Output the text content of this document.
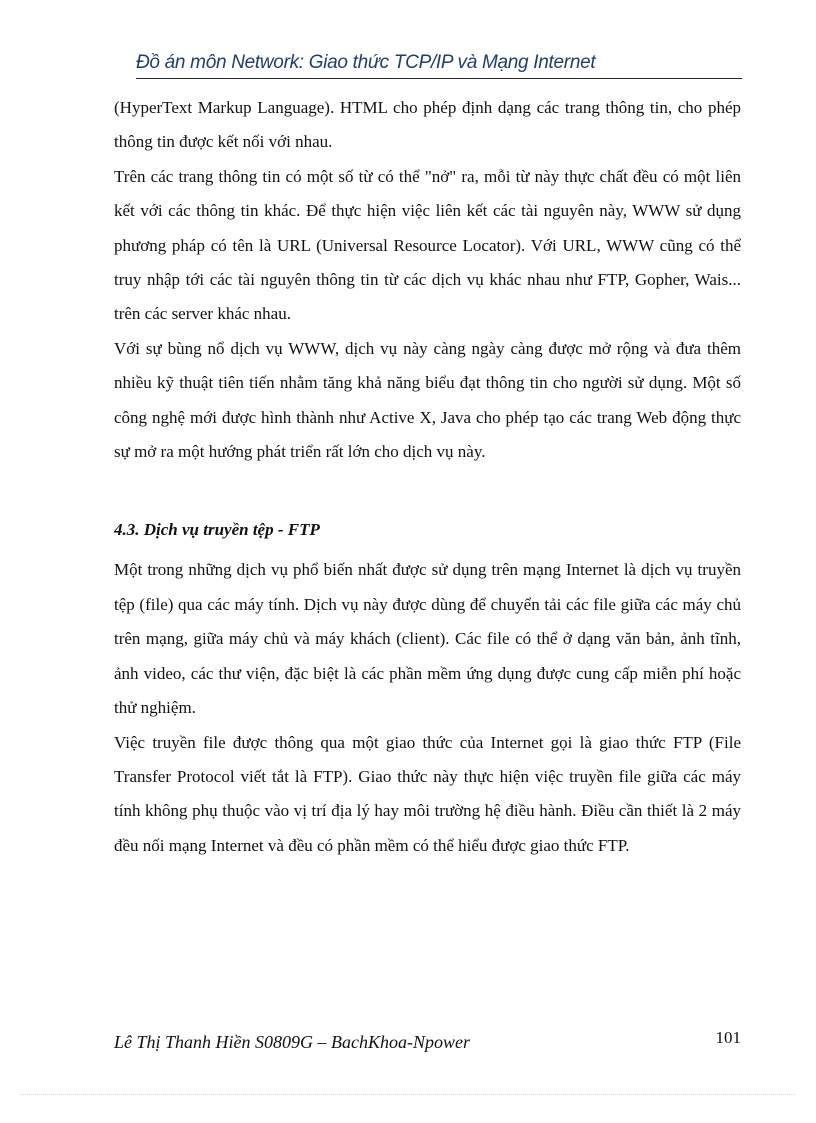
Đồ án môn Network: Giao thức TCP/IP và Mạng Internet

(HyperText Markup Language). HTML cho phép định dạng các trang thông tin, cho phép thông tin được kết nối với nhau.

Trên các trang thông tin có một số từ có thể "nở" ra, mỗi từ này thực chất đều có một liên kết với các thông tin khác. Để thực hiện việc liên kết các tài nguyên này, WWW sử dụng phương pháp có tên là URL (Universal Resource Locator). Với URL, WWW cũng có thể truy nhập tới các tài nguyên thông tin từ các dịch vụ khác nhau như FTP, Gopher, Wais... trên các server khác nhau.

Với sự bùng nổ dịch vụ WWW, dịch vụ này càng ngày càng được mở rộng và đưa thêm nhiều kỹ thuật tiên tiến nhằm tăng khả năng biểu đạt thông tin cho người sử dụng. Một số công nghệ mới được hình thành như Active X, Java cho phép tạo các trang Web động thực sự mở ra một hướng phát triển rất lớn cho dịch vụ này.

4.3. Dịch vụ truyền tệp - FTP

Một trong những dịch vụ phổ biến nhất được sử dụng trên mạng Internet là dịch vụ truyền tệp (file) qua các máy tính. Dịch vụ này được dùng để chuyển tải các file giữa các máy chủ trên mạng, giữa máy chủ và máy khách (client). Các file có thể ở dạng văn bản, ảnh tĩnh, ảnh video, các thư viện, đặc biệt là các phần mềm ứng dụng được cung cấp miễn phí hoặc thử nghiệm.

Việc truyền file được thông qua một giao thức của Internet gọi là giao thức FTP (File Transfer Protocol viết tắt là FTP). Giao thức này thực hiện việc truyền file giữa các máy tính không phụ thuộc vào vị trí địa lý hay môi trường hệ điều hành. Điều cần thiết là 2 máy đều nối mạng Internet và đều có phần mềm có thể hiểu được giao thức FTP.

Lê Thị Thanh Hiền S0809G – BachKhoa-Npower	101
